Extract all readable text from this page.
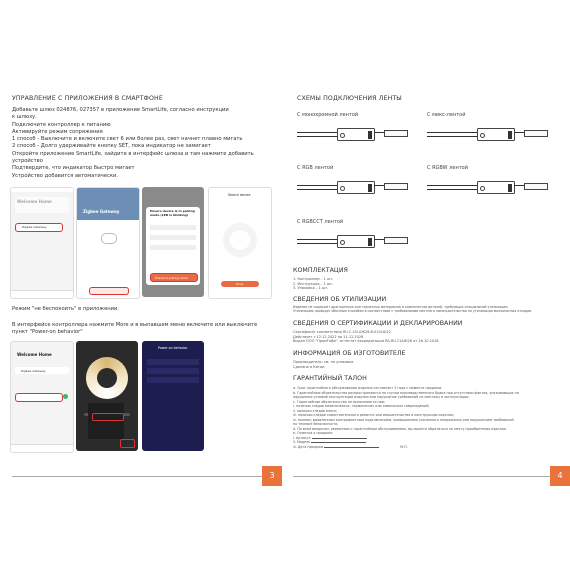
УПРАВЛЕНИЕ С ПРИЛОЖЕНИЯ В СМАРТФОНЕ
Добавьте шлюз 024876, 027357 в приложение SmartLife, согласно инструкции
к шлюзу.
Подключите контроллер к питанию
Активируйте режим сопряжения
1 способ - Выключите и включите свет 6 или более раз, свет начнет плавно мигать
2 способ - Долго удерживайте кнопку SET, пока индикатор не замигает
Откройте приложение SmartLife, зайдите в интерфейс шлюза и там нажмите добавить
устройство
Подтвердите, что индикатор быстро мигает
Устройство добавится автоматически.
Zigbee Gateway
Zigbee Gateway	Ensure device is in pairing mode (LED is blinking)
Ensure to pairing mode
Search device
Done
Режим "не беспокоить" в приложении.
В интерфейсе контроллера нажмите More и в выпавшем меню включите или выключите
пункт "Power-on behavior"
Welcome Home
Zigbee Gateway
Power-on behavior
3
СХЕМЫ ПОДКЛЮЧЕНИЯ ЛЕНТЫ
С монохромной лентой	С микс-лентой
С RGB лентой	С RGBW лентой
С RGBCCT лентой
КОМПЛЕКТАЦИЯ
1. Контроллер – 1 шт.
2. Инструкция – 1 шт.
3. Упаковка – 1 шт.
СВЕДЕНИЯ ОБ УТИЛИЗАЦИИ
Изделие не содержит драгоценных или токсичных материалов и компонентов деталей, требующих специальной утилизации.
Утилизацию проводят обычным способом в соответствии с требованиями местного законодательства по утилизации малоопасных отходов.
СВЕДЕНИЯ О СЕРТИФИКАЦИИ И ДЕКЛАРИРОВАНИИ
Сертификат соответствия RU С-CN.АЖ26.В.01416/22
Действует с 12.12.2022 по 11.12.2028
Выдан ООО "ПромТайм", аттестат аккредитации RA.RU.11АЖ26 от 26.10.2016
ИНФОРМАЦИЯ ОБ ИЗГОТОВИТЕЛЕ
Производитель: см. на упаковке.
Сделано в Китае.
ГАРАНТИЙНЫЙ ТАЛОН
а. Срок гарантийного обслуживания изделия составляет 3 года с момента продажи.
b. Гарантийные обязательства распространяются на случаи производственного брака при отсутствии фактов, указывающих на
нарушение условий эксплуатации изделия или нарушение требований по монтажу и эксплуатации.
с. Гарантийные обязательства не выполняются при:
i. наличии следов механических, термических или химических повреждений;
ii. наличии следов влаги;
iii. наличии следов самостоятельного ремонта или вмешательства в конструкцию изделия;
iv. полном, выявленным контрафактным подключением, превышением указанного напряжения или нарушением требований
по технике безопасности.
d. По всем вопросам, связанным с гарантийным обслуживанием, вы можете обратиться по месту приобретения изделия.
e. Отметки о продаже:
i. Артикул
ii. Модель
iii. Дата продажи	М.П.
4
